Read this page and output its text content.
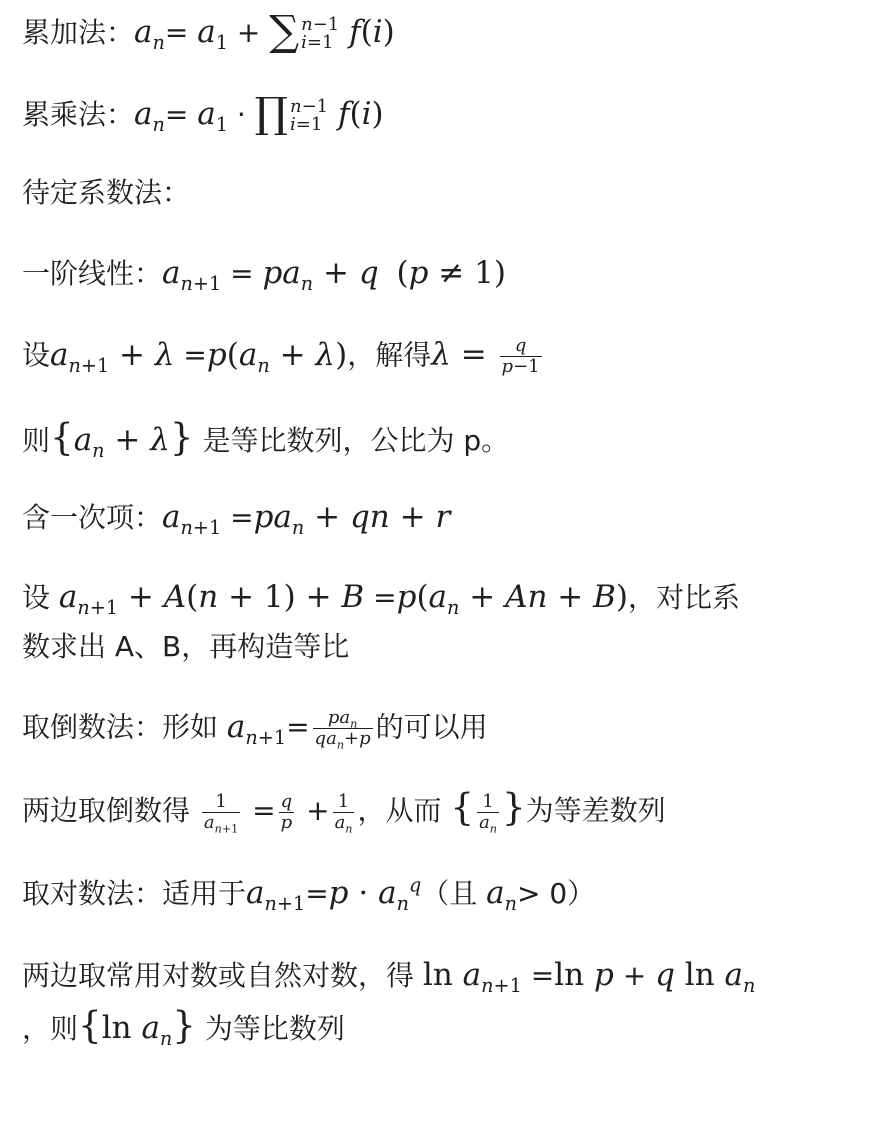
累加法：$a_n= a_1$ + ∑ n−1
i=1 f(i)
累乘法：$a_n= a_1$ · ∏ n−1
i=1 f(i)
待定系数法：
一阶线性：$a_{n+1} = pa_n + q$ (p ≠ 1)
设$a_{n+1} + \lambda =p(a_n + \lambda)$，解得$\lambda = \frac{q}{p-1}$
则$\{a_n + \lambda\}$ 是等比数列，公比为 p。
含一次项：$a_{n+1} =pa_n$ + qn + r
设 $a_{n+1} + A(n + 1) + B =p(a_n + An + B)$，对比系
数求出 A、B，再构造等比
取倒数法：形如 $a_{n+1}= \frac{pa_n}{qa_n+p}$ 的可以用
两边取倒数得 $\frac{1}{a_{n+1}} = \frac{q}{p} + \frac{1}{a_n}$ ，从而 { $\frac{1}{a_n}$ }为等差数列
取对数法：适用于$a_{n+1}=p \cdot a_n^q$（且 $a_n> 0$）
两边取常用对数或自然对数，得 $\ln a_{n+1} =\ln$ p + q $\ln a_n$
，则{ln $a_n$} 为等比数列
